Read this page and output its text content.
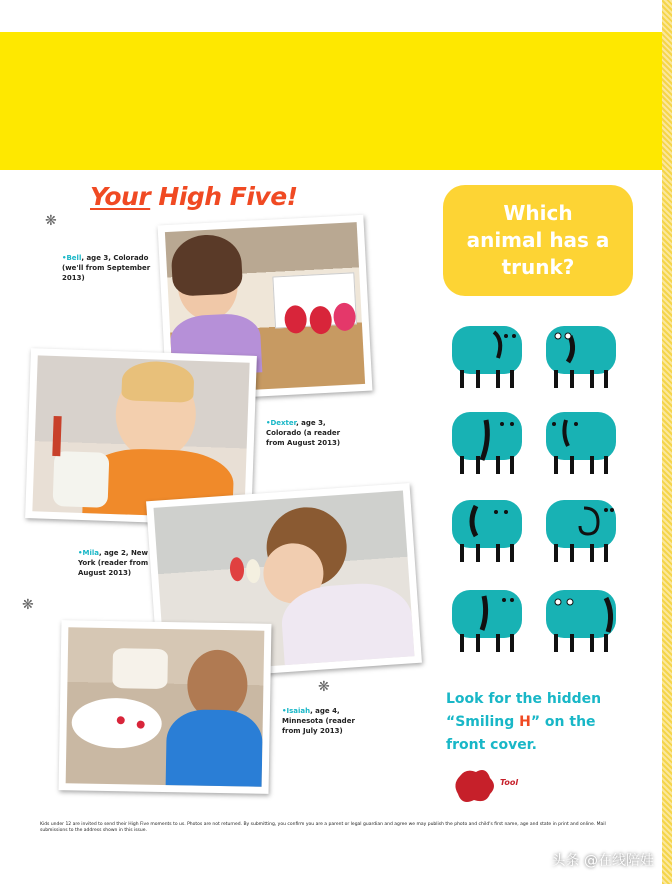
Your High Five!
❋
❋
❋

•Bell, age 3, Colorado (we'll from September 2013)

•Dexter, age 3, Colorado (a reader from August 2013)

•Mila, age 2, New York (reader from August 2013)

•Isaiah, age 4, Minnesota (reader from July 2013)

Which animal has a trunk?

Look for the hidden “Smiling H” on the front cover.

Tool

Kids under 12 are invited to send their High Five moments to us. Photos are not returned. By submitting, you confirm you are a parent or legal guardian and agree we may publish the photo and child's first name, age and state in print and online. Mail submissions to the address shown in this issue.

头条 @在线陪娃
